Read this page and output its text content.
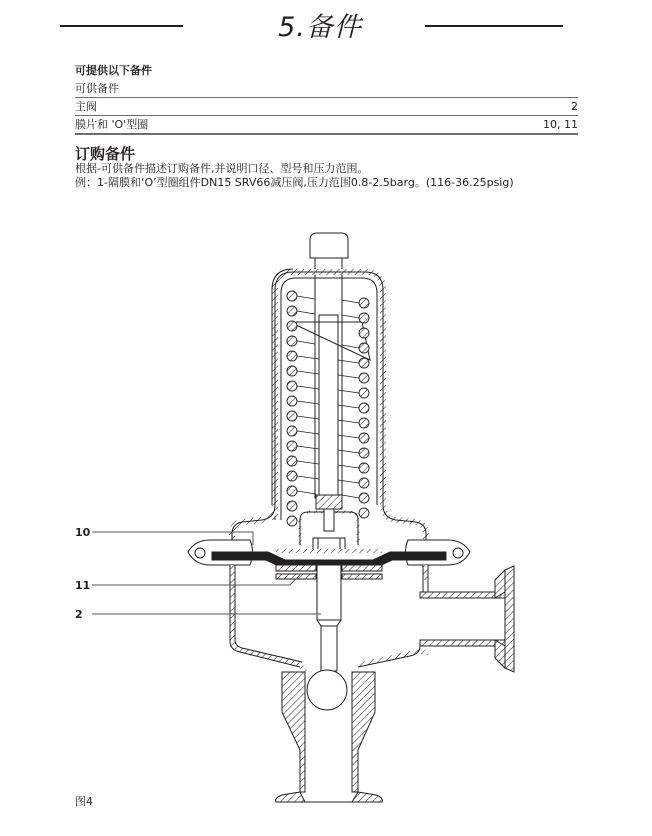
5.备件
可提供以下备件
可供备件
主阀	2
膜片和 'O'型圈	10, 11
订购备件
根据-可供备件描述订购备件,并说明口径、型号和压力范围。
例：1-隔膜和‘O’型圈组件DN15 SRV66减压阀,压力范围0.8-2.5barg。(116-36.25psig)
10
11
2
图4
